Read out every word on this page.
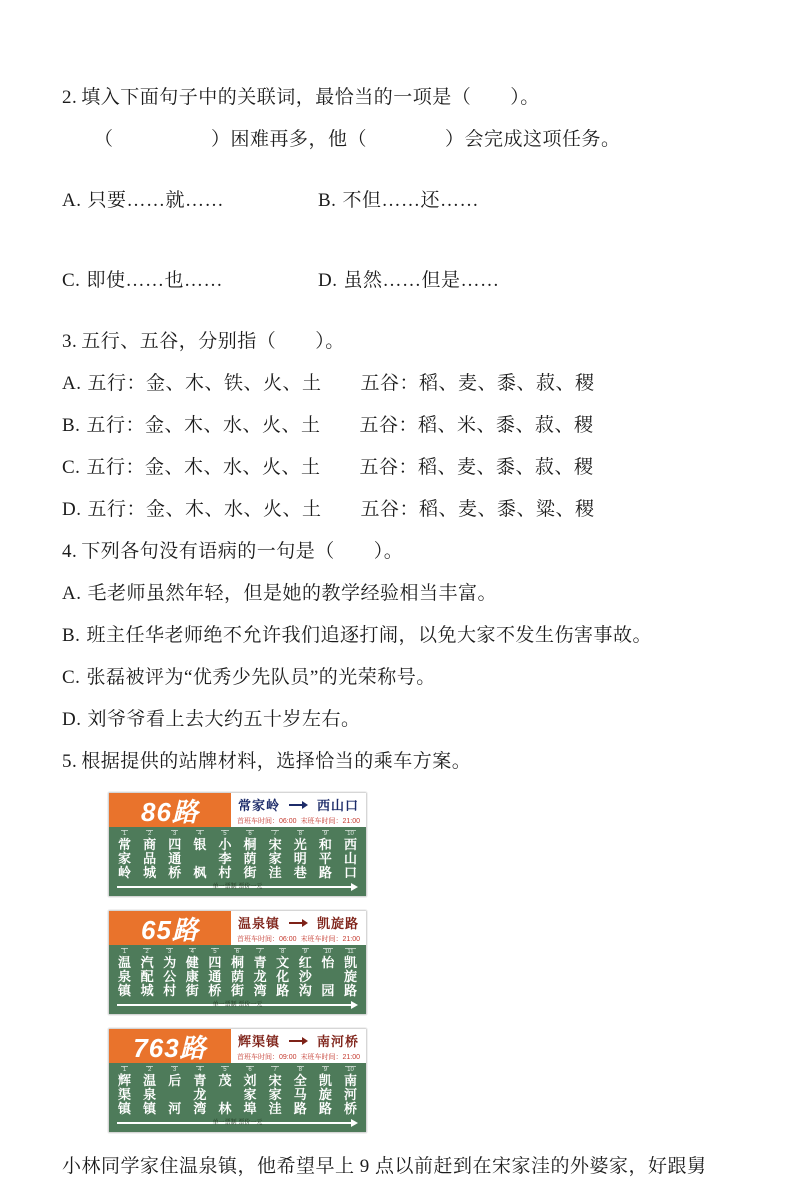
2. 填入下面句子中的关联词，最恰当的一项是（　　）。

（　　　　　）困难再多，他（　　　　）会完成这项任务。

A. 只要……就……	B. 不但……还……

C. 即使……也……	D. 虽然……但是……

3. 五行、五谷，分别指（　　）。

A. 五行：金、木、铁、火、土　　五谷：稻、麦、黍、菽、稷

B. 五行：金、木、水、火、土　　五谷：稻、米、黍、菽、稷

C. 五行：金、木、水、火、土　　五谷：稻、麦、黍、菽、稷

D. 五行：金、木、水、火、土　　五谷：稻、麦、黍、粱、稷

4. 下列各句没有语病的一句是（　　）。

A. 毛老师虽然年轻，但是她的教学经验相当丰富。

B. 班主任华老师绝不允许我们追逐打闹，以免大家不发生伤害事故。

C. 张磊被评为“优秀少先队员”的光荣称号。

D. 刘爷爷看上去大约五十岁左右。

5. 根据提供的站牌材料，选择恰当的乘车方案。

86路	常家岭	西山口
首班车时间：06:00 末班车时间：21:00
1
常
家
岭
2
商
品
城
3
四
通
桥
4
银

枫
5
小
李
村
6
桐
荫
街
7
宋
家
洼
8
光
明
巷
9
和
平
路
10
西
山
口
单一票制 票价一元
65路	温泉镇	凯旋路
首班车时间：06:00 末班车时间：21:00
1
温
泉
镇
2
汽
配
城
3
为
公
村
4
健
康
街
5
四
通
桥
6
桐
荫
街
7
青
龙
湾
8
文
化
路
9
红
沙
沟
10
怡

园
11
凯
旋
路
单一票制 票价一元
763路	辉渠镇	南河桥
首班车时间：09:00 末班车时间：21:00
1
辉
渠
镇
2
温
泉
镇
3
后

河
4
青
龙
湾
5
茂

林
6
刘
家
埠
7
宋
家
洼
8
全
马
路
9
凯
旋
路
10
南
河
桥
单一票制 票价一元

小林同学家住温泉镇，他希望早上 9 点以前赶到在宋家洼的外婆家，好跟舅
